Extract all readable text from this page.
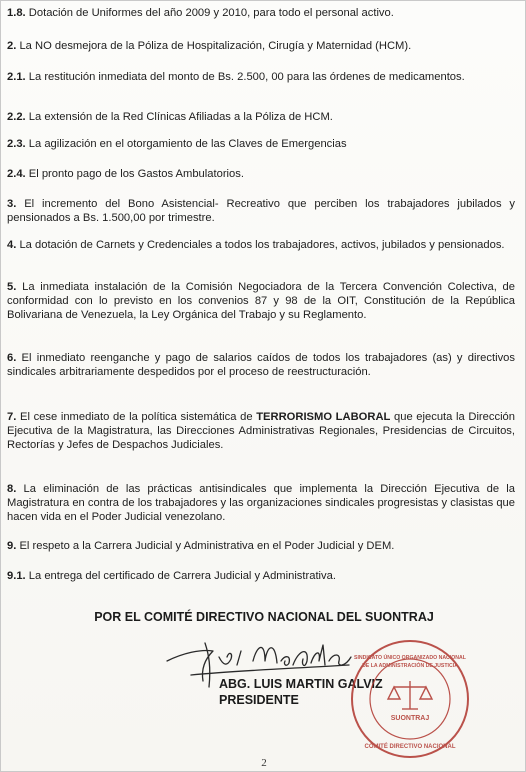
1.8. Dotación de Uniformes del año 2009 y 2010, para todo el personal activo.
2. La NO desmejora de la Póliza de Hospitalización, Cirugía y Maternidad (HCM).
2.1. La restitución inmediata del monto de Bs. 2.500, 00 para las órdenes de medicamentos.
2.2. La extensión de la Red Clínicas Afiliadas a la Póliza de HCM.
2.3. La agilización en el otorgamiento de las Claves de Emergencias
2.4. El pronto pago de los Gastos Ambulatorios.
3. El incremento del Bono Asistencial- Recreativo que perciben los trabajadores jubilados y pensionados a Bs. 1.500,00 por trimestre.
4. La dotación de Carnets y Credenciales a todos los trabajadores, activos, jubilados y pensionados.
5. La inmediata instalación de la Comisión Negociadora de la Tercera Convención Colectiva, de conformidad con lo previsto en los convenios 87 y 98 de la OIT, Constitución de la República Bolivariana de Venezuela, la Ley Orgánica del Trabajo y su Reglamento.
6. El inmediato reenganche y pago de salarios caídos de todos los trabajadores (as) y directivos sindicales arbitrariamente despedidos por el proceso de reestructuración.
7. El cese inmediato de la política sistemática de TERRORISMO LABORAL que ejecuta la Dirección Ejecutiva de la Magistratura, las Direcciones Administrativas Regionales, Presidencias de Circuitos, Rectorías y Jefes de Despachos Judiciales.
8. La eliminación de las prácticas antisindicales que implementa la Dirección Ejecutiva de la Magistratura en contra de los trabajadores y las organizaciones sindicales progresistas y clasistas que hacen vida en el Poder Judicial venezolano.
9. El respeto a la Carrera Judicial y Administrativa en el Poder Judicial y DEM.
9.1. La entrega del certificado de Carrera Judicial y Administrativa.
POR EL COMITÉ DIRECTIVO NACIONAL DEL SUONTRAJ
ABG. LUIS MARTIN GALVIZ
PRESIDENTE
SINDICATO ÚNICO ORGANIZADO NACIONAL
DE LA ADMINISTRACIÓN DE JUSTICIA
SUONTRAJ
COMITÉ DIRECTIVO NACIONAL
2
